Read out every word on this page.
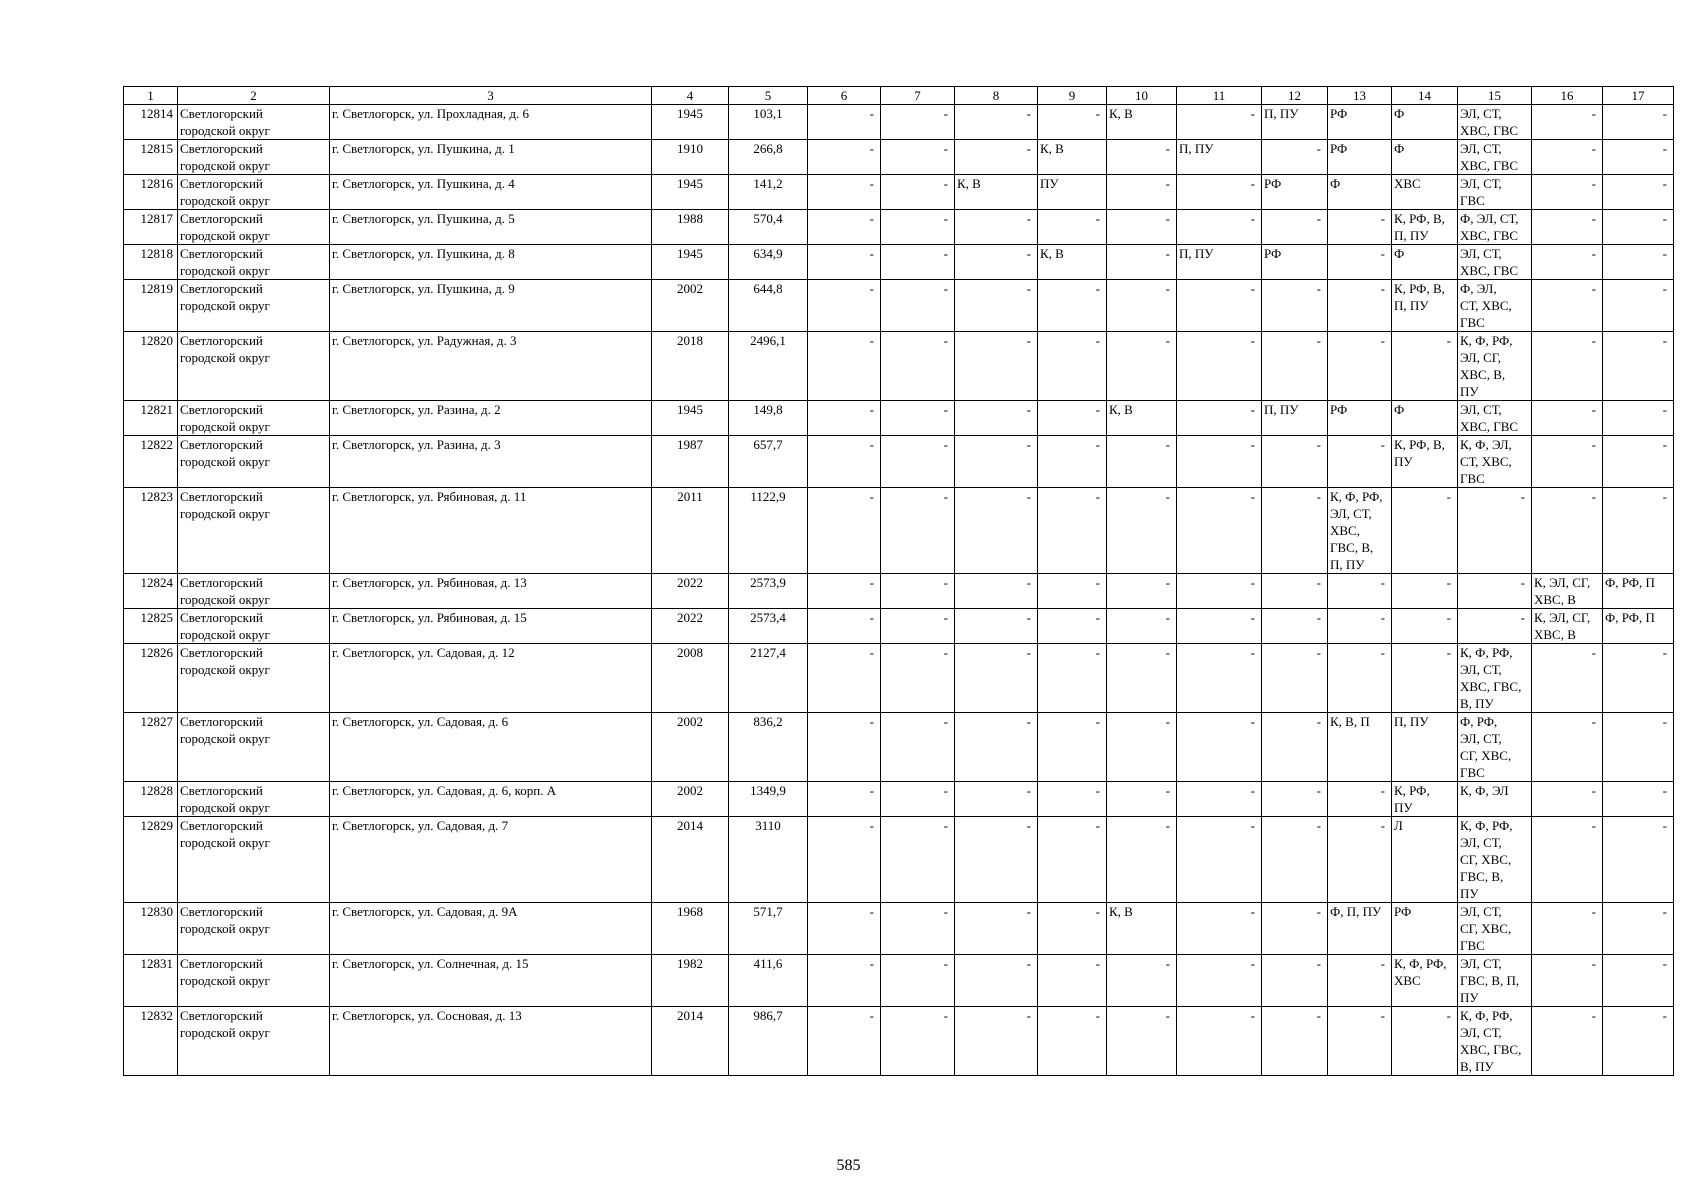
1	2	3	4	5	6	7	8	9	10	11	12	13	14	15	16	17
12814	Светлогорский
городской округ	г. Светлогорск, ул. Прохладная, д. 6	1945	103,1	-	-	-	-	К, В	-	П, ПУ	РФ	Ф	ЭЛ, СТ,
ХВС, ГВС	-	-
12815	Светлогорский
городской округ	г. Светлогорск, ул. Пушкина, д. 1	1910	266,8	-	-	-	К, В	-	П, ПУ	-	РФ	Ф	ЭЛ, СТ,
ХВС, ГВС	-	-
12816	Светлогорский
городской округ	г. Светлогорск, ул. Пушкина, д. 4	1945	141,2	-	-	К, В	ПУ	-	-	РФ	Ф	ХВС	ЭЛ, СТ,
ГВС	-	-
12817	Светлогорский
городской округ	г. Светлогорск, ул. Пушкина, д. 5	1988	570,4	-	-	-	-	-	-	-	-	К, РФ, В,
П, ПУ	Ф, ЭЛ, СТ,
ХВС, ГВС	-	-
12818	Светлогорский
городской округ	г. Светлогорск, ул. Пушкина, д. 8	1945	634,9	-	-	-	К, В	-	П, ПУ	РФ	-	Ф	ЭЛ, СТ,
ХВС, ГВС	-	-
12819	Светлогорский
городской округ	г. Светлогорск, ул. Пушкина, д. 9	2002	644,8	-	-	-	-	-	-	-	-	К, РФ, В,
П, ПУ	Ф, ЭЛ,
СТ, ХВС,
ГВС	-	-
12820	Светлогорский
городской округ	г. Светлогорск, ул. Радужная, д. 3	2018	2496,1	-	-	-	-	-	-	-	-	-	К, Ф, РФ,
ЭЛ, СГ,
ХВС, В,
ПУ	-	-
12821	Светлогорский
городской округ	г. Светлогорск, ул. Разина, д. 2	1945	149,8	-	-	-	-	К, В	-	П, ПУ	РФ	Ф	ЭЛ, СТ,
ХВС, ГВС	-	-
12822	Светлогорский
городской округ	г. Светлогорск, ул. Разина, д. 3	1987	657,7	-	-	-	-	-	-	-	-	К, РФ, В,
ПУ	К, Ф, ЭЛ,
СТ, ХВС,
ГВС	-	-
12823	Светлогорский
городской округ	г. Светлогорск, ул. Рябиновая, д. 11	2011	1122,9	-	-	-	-	-	-	-	К, Ф, РФ,
ЭЛ, СТ,
ХВС,
ГВС, В,
П, ПУ	-	-	-	-
12824	Светлогорский
городской округ	г. Светлогорск, ул. Рябиновая, д. 13	2022	2573,9	-	-	-	-	-	-	-	-	-	-	К, ЭЛ, СГ,
ХВС, В	Ф, РФ, П
12825	Светлогорский
городской округ	г. Светлогорск, ул. Рябиновая, д. 15	2022	2573,4	-	-	-	-	-	-	-	-	-	-	К, ЭЛ, СГ,
ХВС, В	Ф, РФ, П
12826	Светлогорский
городской округ	г. Светлогорск, ул. Садовая, д. 12	2008	2127,4	-	-	-	-	-	-	-	-	-	К, Ф, РФ,
ЭЛ, СТ,
ХВС, ГВС,
В, ПУ	-	-
12827	Светлогорский
городской округ	г. Светлогорск, ул. Садовая, д. 6	2002	836,2	-	-	-	-	-	-	-	К, В, П	П, ПУ	Ф, РФ,
ЭЛ, СТ,
СГ, ХВС,
ГВС	-	-
12828	Светлогорский
городской округ	г. Светлогорск, ул. Садовая, д. 6, корп. А	2002	1349,9	-	-	-	-	-	-	-	-	К, РФ,
ПУ	К, Ф, ЭЛ	-	-
12829	Светлогорский
городской округ	г. Светлогорск, ул. Садовая, д. 7	2014	3110	-	-	-	-	-	-	-	-	Л	К, Ф, РФ,
ЭЛ, СТ,
СГ, ХВС,
ГВС, В,
ПУ	-	-
12830	Светлогорский
городской округ	г. Светлогорск, ул. Садовая, д. 9А	1968	571,7	-	-	-	-	К, В	-	-	Ф, П, ПУ	РФ	ЭЛ, СТ,
СГ, ХВС,
ГВС	-	-
12831	Светлогорский
городской округ	г. Светлогорск, ул. Солнечная, д. 15	1982	411,6	-	-	-	-	-	-	-	-	К, Ф, РФ,
ХВС	ЭЛ, СТ,
ГВС, В, П,
ПУ	-	-
12832	Светлогорский
городской округ	г. Светлогорск, ул. Сосновая, д. 13	2014	986,7	-	-	-	-	-	-	-	-	-	К, Ф, РФ,
ЭЛ, СТ,
ХВС, ГВС,
В, ПУ	-	-
585
